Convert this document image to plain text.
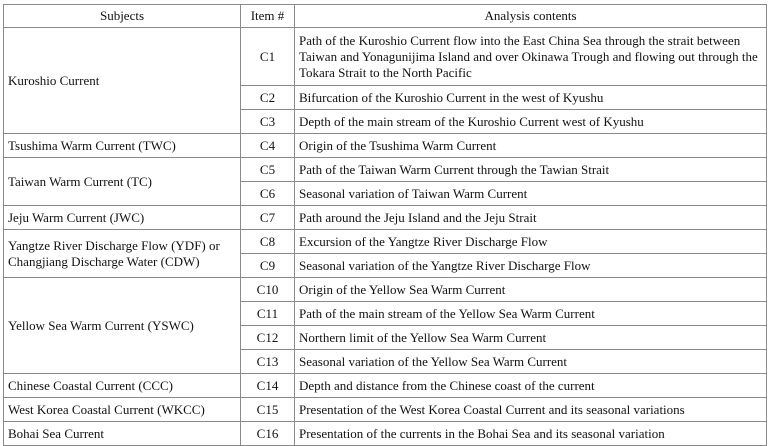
Subjects	Item #	Analysis contents
Kuroshio Current	C1	Path of the Kuroshio Current flow into the East China Sea through the strait between Taiwan and Yonagunijima Island and over Okinawa Trough and flowing out through the Tokara Strait to the North Pacific
	C2	Bifurcation of the Kuroshio Current in the west of Kyushu
	C3	Depth of the main stream of the Kuroshio Current west of Kyushu
Tsushima Warm Current (TWC)	C4	Origin of the Tsushima Warm Current
Taiwan Warm Current (TC)	C5	Path of the Taiwan Warm Current through the Tawian Strait
	C6	Seasonal variation of Taiwan Warm Current
Jeju Warm Current (JWC)	C7	Path around the Jeju Island and the Jeju Strait
Yangtze River Discharge Flow (YDF) or Changjiang Discharge Water (CDW)	C8	Excursion of the Yangtze River Discharge Flow
	C9	Seasonal variation of the Yangtze River Discharge Flow
Yellow Sea Warm Current (YSWC)	C10	Origin of the Yellow Sea Warm Current
	C11	Path of the main stream of the Yellow Sea Warm Current
	C12	Northern limit of the Yellow Sea Warm Current
	C13	Seasonal variation of the Yellow Sea Warm Current
Chinese Coastal Current (CCC)	C14	Depth and distance from the Chinese coast of the current
West Korea Coastal Current (WKCC)	C15	Presentation of the West Korea Coastal Current and its seasonal variations
Bohai Sea Current	C16	Presentation of the currents in the Bohai Sea and its seasonal variation
